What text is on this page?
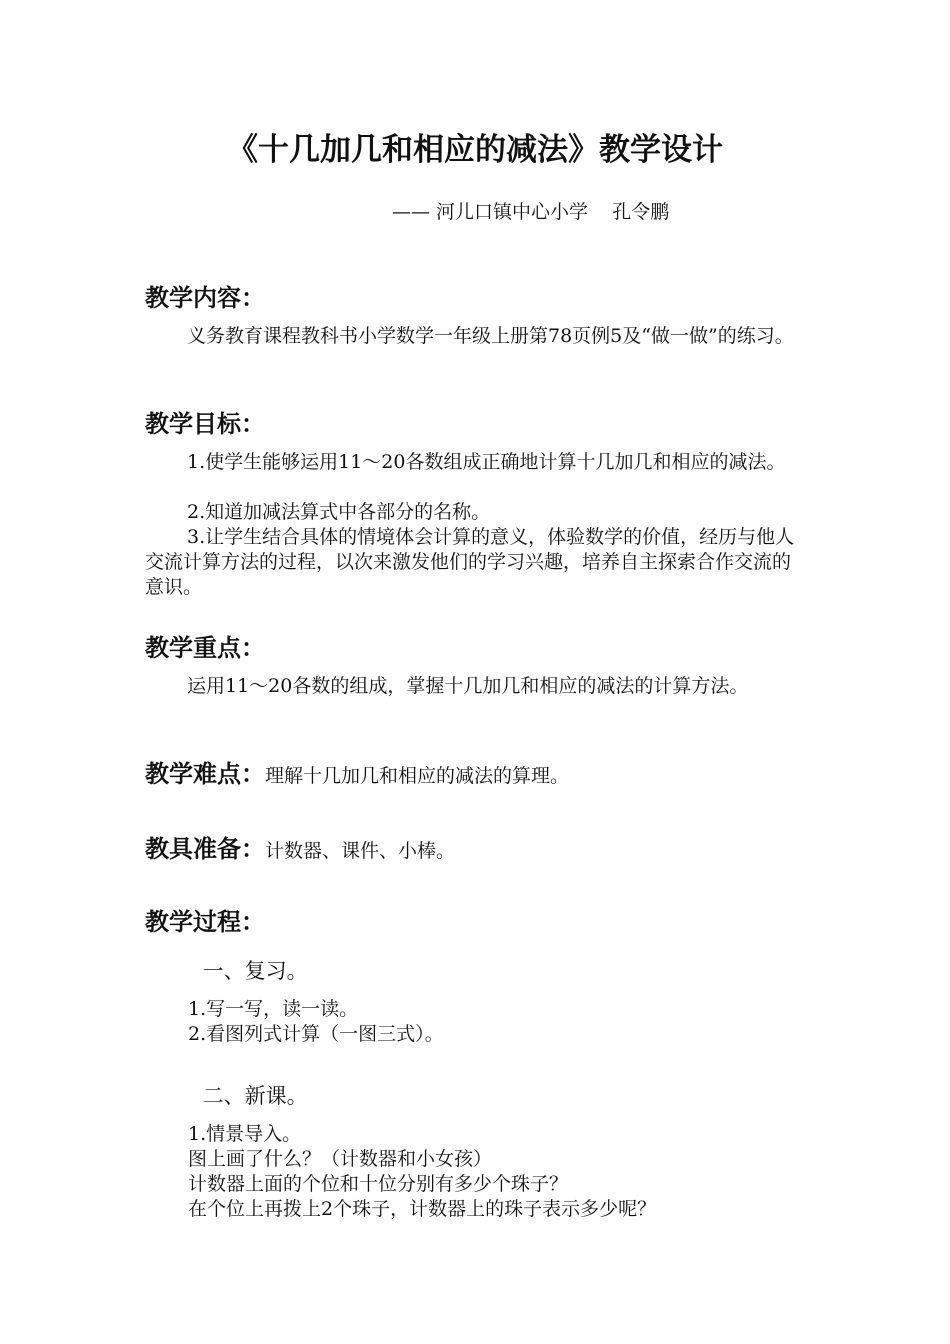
《十几加几和相应的减法》教学设计
—— 河儿口镇中心小学    孔令鹏
教学内容：

义务教育课程教科书小学数学一年级上册第78页例5及“做一做”的练习。

教学目标：

1.使学生能够运用11～20各数组成正确地计算十几加几和相应的减法。

2.知道加减法算式中各部分的名称。

3.让学生结合具体的情境体会计算的意义，体验数学的价值，经历与他人交流计算方法的过程，以次来激发他们的学习兴趣，培养自主探索合作交流的意识。

教学重点：

运用11～20各数的组成，掌握十几加几和相应的减法的计算方法。

教学难点：理解十几加几和相应的减法的算理。
教具准备：计数器、课件、小棒。
教学过程：
一、复习。

1.写一写，读一读。

2.看图列式计算（一图三式）。

二、新课。

1.情景导入。

图上画了什么？（计数器和小女孩）

计数器上面的个位和十位分别有多少个珠子？

在个位上再拨上2个珠子，计数器上的珠子表示多少呢？
